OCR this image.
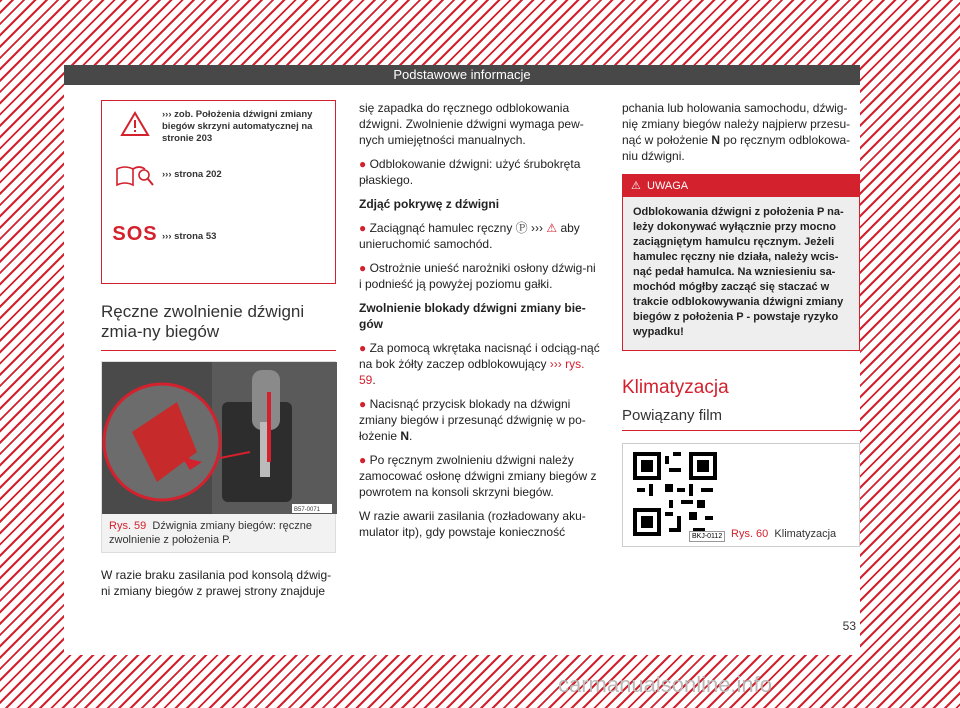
Podstawowe informacje
››› zob. Położenia dźwigni zmiany biegów skrzyni automatycznej na stronie 203
››› strona 202
SOS ››› strona 53
Ręczne zwolnienie dźwigni zmia-ny biegów
B57-0071
Rys. 59 Dźwignia zmiany biegów: ręczne zwolnienie z położenia P.

W razie braku zasilania pod konsolą dźwig-ni zmiany biegów z prawej strony znajduje

się zapadka do ręcznego odblokowania dźwigni. Zwolnienie dźwigni wymaga pew-nych umiejętności manualnych.

● Odblokowanie dźwigni: użyć śrubokręta płaskiego.

Zdjąć pokrywę z dźwigni

● Zaciągnąć hamulec ręczny Ⓟ ››› ⚠ aby unieruchomić samochód.

● Ostrożnie unieść narożniki osłony dźwig-ni i podnieść ją powyżej poziomu gałki.

Zwolnienie blokady dźwigni zmiany bie-gów

● Za pomocą wkrętaka nacisnąć i odciąg-nąć na bok żółty zaczep odblokowujący ››› rys. 59.

● Nacisnąć przycisk blokady na dźwigni zmiany biegów i przesunąć dźwignię w po-łożenie N.

● Po ręcznym zwolnieniu dźwigni należy zamocować osłonę dźwigni zmiany biegów z powrotem na konsoli skrzyni biegów.

W razie awarii zasilania (rozładowany aku-mulator itp), gdy powstaje konieczność

pchania lub holowania samochodu, dźwig-nię zmiany biegów należy najpierw przesu-nąć w położenie N po ręcznym odblokowa-niu dźwigni.

⚠ UWAGA
Odblokowania dźwigni z położenia P na-leży dokonywać wyłącznie przy mocno zaciągniętym hamulcu ręcznym. Jeżeli hamulec ręczny nie działa, należy wcis-nąć pedał hamulca. Na wzniesieniu sa-mochód mógłby zacząć się staczać w trakcie odblokowywania dźwigni zmiany biegów z położenia P - powstaje ryzyko wypadku!
Klimatyzacja
Powiązany film
BKJ-0112 Rys. 60 Klimatyzacja
53
carmanualsonline.info
